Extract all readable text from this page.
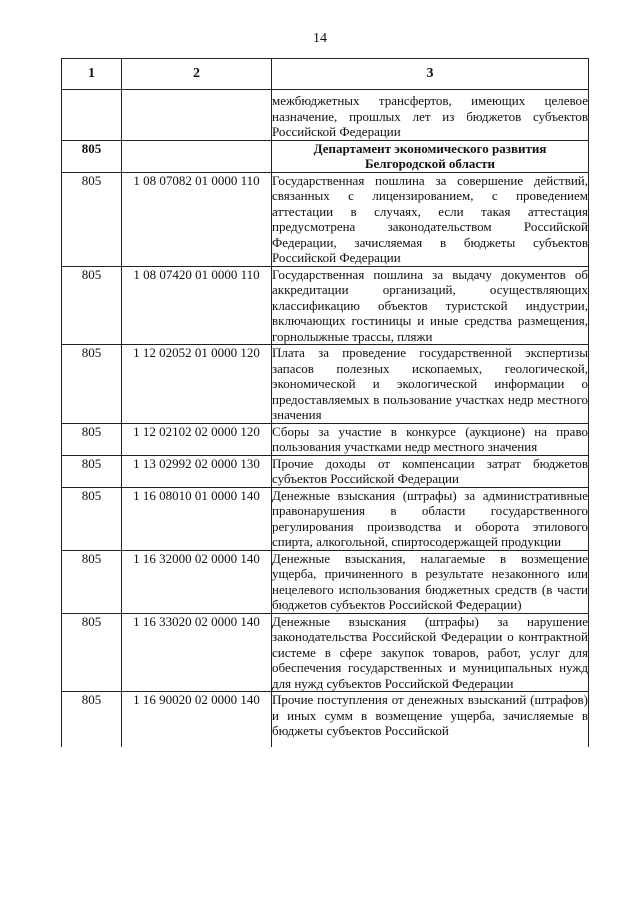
14
1	2	3
		межбюджетных трансфертов, имеющих целевое назначение, прошлых лет из бюджетов субъектов Российской Федерации
805		Департамент экономического развития Белгородской области
805	1 08 07082 01 0000 110	Государственная пошлина за совершение действий, связанных с лицензированием, с проведением аттестации в случаях, если такая аттестация предусмотрена законодательством Российской Федерации, зачисляемая в бюджеты субъектов Российской Федерации
805	1 08 07420 01 0000 110	Государственная пошлина за выдачу документов об аккредитации организаций, осуществляющих классификацию объектов туристской индустрии, включающих гостиницы и иные средства размещения, горнолыжные трассы, пляжи
805	1 12 02052 01 0000 120	Плата за проведение государственной экспертизы запасов полезных ископаемых, геологической, экономической и экологической информации о предоставляемых в пользование участках недр местного значения
805	1 12 02102 02 0000 120	Сборы за участие в конкурсе (аукционе) на право пользования участками недр местного значения
805	1 13 02992 02 0000 130	Прочие доходы от компенсации затрат бюджетов субъектов Российской Федерации
805	1 16 08010 01 0000 140	Денежные взыскания (штрафы) за административные правонарушения в области государственного регулирования производства и оборота этилового спирта, алкогольной, спиртосодержащей продукции
805	1 16 32000 02 0000 140	Денежные взыскания, налагаемые в возмещение ущерба, причиненного в результате незаконного или нецелевого использования бюджетных средств (в части бюджетов субъектов Российской Федерации)
805	1 16 33020 02 0000 140	Денежные взыскания (штрафы) за нарушение законодательства Российской Федерации о контрактной системе в сфере закупок товаров, работ, услуг для обеспечения государственных и муниципальных нужд для нужд субъектов Российской Федерации
805	1 16 90020 02 0000 140	Прочие поступления от денежных взысканий (штрафов) и иных сумм в возмещение ущерба, зачисляемые в бюджеты субъектов Российской
